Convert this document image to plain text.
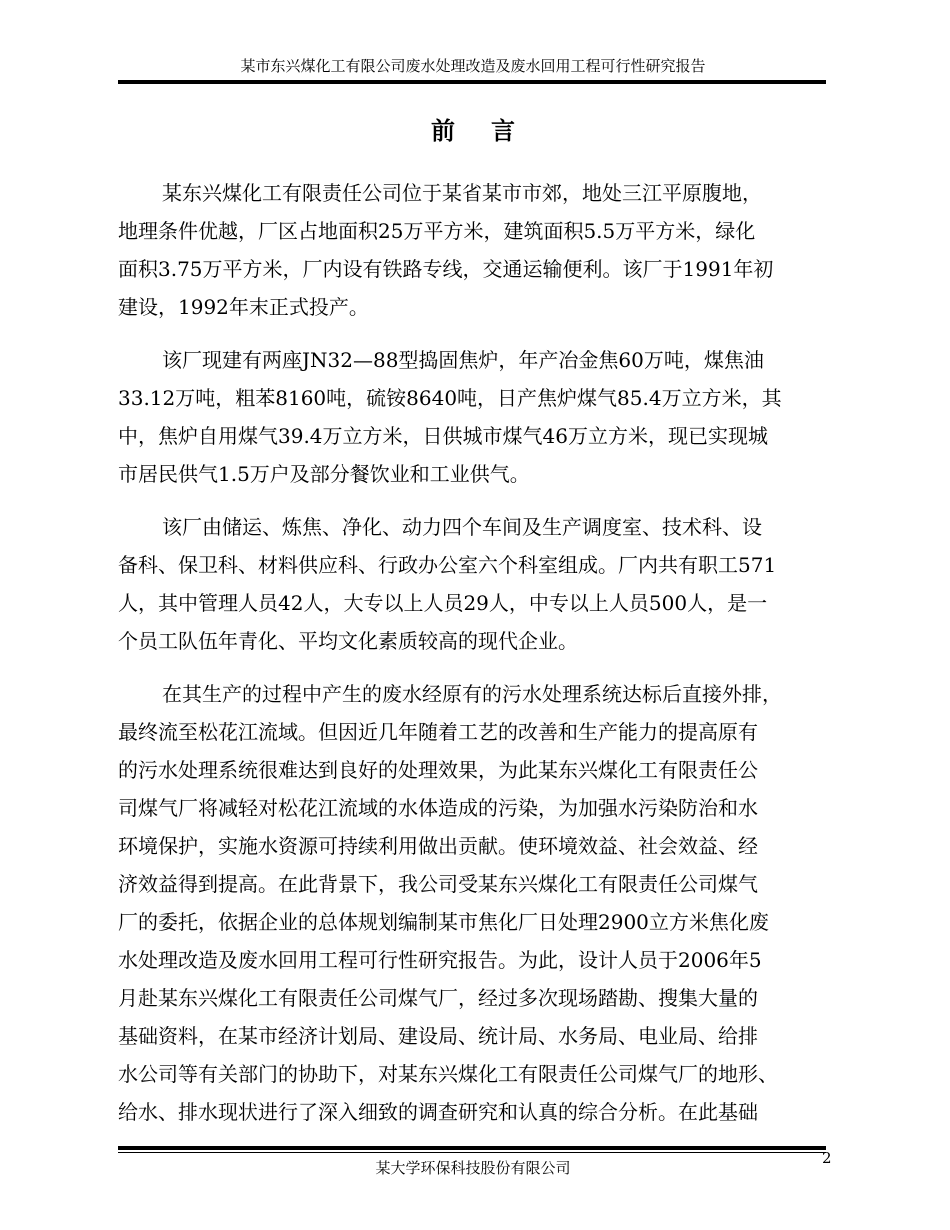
某市东兴煤化工有限公司废水处理改造及废水回用工程可行性研究报告
前言
某东兴煤化工有限责任公司位于某省某市市郊，地处三江平原腹地，
地理条件优越，厂区占地面积25万平方米，建筑面积5.5万平方米，绿化
面积3.75万平方米，厂内设有铁路专线，交通运输便利。该厂于1991年初
建设，1992年末正式投产。
该厂现建有两座JN32—88型捣固焦炉，年产冶金焦60万吨，煤焦油
33.12万吨，粗苯8160吨，硫铵8640吨，日产焦炉煤气85.4万立方米，其
中，焦炉自用煤气39.4万立方米，日供城市煤气46万立方米，现已实现城
市居民供气1.5万户及部分餐饮业和工业供气。
该厂由储运、炼焦、净化、动力四个车间及生产调度室、技术科、设
备科、保卫科、材料供应科、行政办公室六个科室组成。厂内共有职工571
人，其中管理人员42人，大专以上人员29人，中专以上人员500人，是一
个员工队伍年青化、平均文化素质较高的现代企业。
在其生产的过程中产生的废水经原有的污水处理系统达标后直接外排，
最终流至松花江流域。但因近几年随着工艺的改善和生产能力的提高原有
的污水处理系统很难达到良好的处理效果，为此某东兴煤化工有限责任公
司煤气厂将减轻对松花江流域的水体造成的污染，为加强水污染防治和水
环境保护，实施水资源可持续利用做出贡献。使环境效益、社会效益、经
济效益得到提高。在此背景下，我公司受某东兴煤化工有限责任公司煤气
厂的委托，依据企业的总体规划编制某市焦化厂日处理2900立方米焦化废
水处理改造及废水回用工程可行性研究报告。为此，设计人员于2006年5
月赴某东兴煤化工有限责任公司煤气厂，经过多次现场踏勘、搜集大量的
基础资料，在某市经济计划局、建设局、统计局、水务局、电业局、给排
水公司等有关部门的协助下，对某东兴煤化工有限责任公司煤气厂的地形、
给水、排水现状进行了深入细致的调查研究和认真的综合分析。在此基础
2
某大学环保科技股份有限公司
